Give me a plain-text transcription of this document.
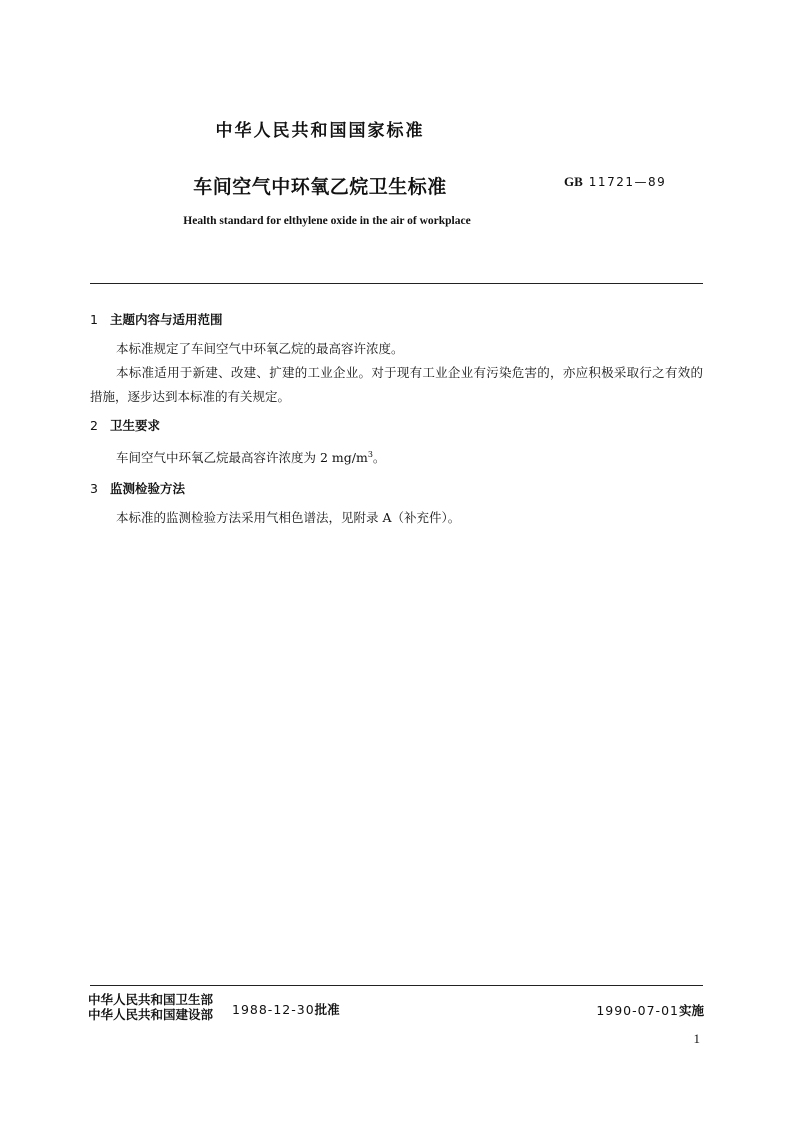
中华人民共和国国家标准
车间空气中环氧乙烷卫生标准	GB 11721—89
Health standard for elthylene oxide in the air of workplace
1 主题内容与适用范围
本标准规定了车间空气中环氧乙烷的最高容许浓度。
本标准适用于新建、改建、扩建的工业企业。对于现有工业企业有污染危害的，亦应积极采取行之有效的措施，逐步达到本标准的有关规定。
2 卫生要求
车间空气中环氧乙烷最高容许浓度为 2 $mg/m^3$。
3 监测检验方法
本标准的监测检验方法采用气相色谱法，见附录 A（补充件）。
中华人民共和国卫生部
中华人民共和国建设部 1988-12-30批准	1990-07-01实施
1
